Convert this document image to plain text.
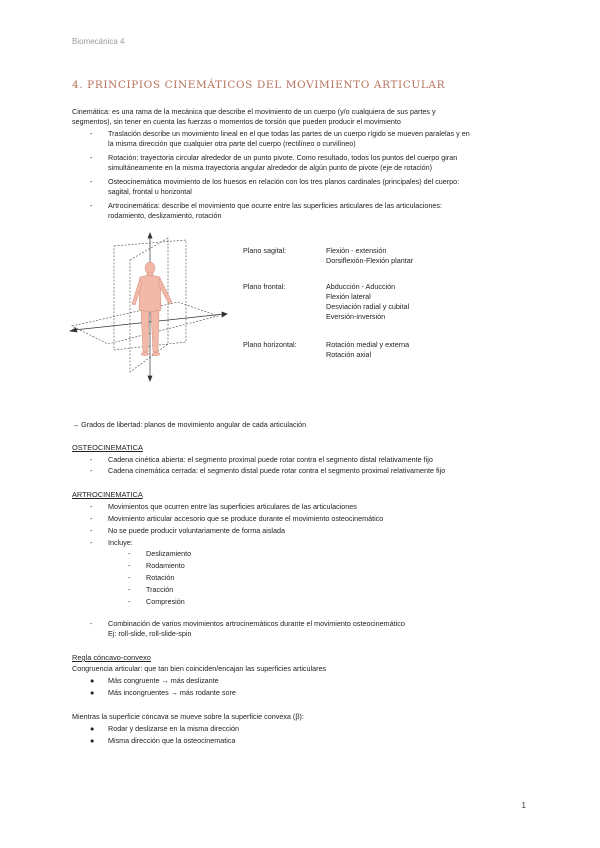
Biomecánica 4
4. PRINCIPIOS CINEMÁTICOS DEL MOVIMIENTO ARTICULAR
Cinemática: es una rama de la mecánica que describe el movimiento de un cuerpo (y/o cualquiera de sus partes y
segmentos), sin tener en cuenta las fuerzas o momentos de torsión que pueden producir el movimiento
- Traslación describe un movimiento lineal en el que todas las partes de un cuerpo rígido se mueven paralelas y en
la misma dirección que cualquier otra parte del cuerpo (rectilíneo o curvilíneo)
- Rotación: trayectoria circular alrededor de un punto pivote. Como resultado, todos los puntos del cuerpo giran
simultáneamente en la misma trayectoria angular alrededor de algún punto de pivote (eje de rotación)
- Osteocinemática movimiento de los huesos en relación con los tres planos cardinales (principales) del cuerpo:
sagital, frontal u horizontal
- Artrocinemática: describe el movimiento que ocurre entre las superficies articulares de las articulaciones:
rodamiento, deslizamiento, rotación
Plano sagital:	Flexión - extensión
Dorsiflexión-Flexión plantar
Plano frontal:	Abducción - Aducción
Flexión lateral
Desviación radial y cubital
Eversión-inversión
Plano horizontal:	Rotación medial y externa
Rotación axial
→ Grados de libertad: planos de movimiento angular de cada articulación
OSTEOCINEMATICA
- Cadena cinética abierta: el segmento proximal puede rotar contra el segmento distal relativamente fijo
- Cadena cinemática cerrada: el segmento distal puede rotar contra el segmento proximal relativamente fijo
ARTROCINEMATICA
- Movimientos que ocurren entre las superficies articulares de las articulaciones
- Movimiento articular accesorio que se produce durante el movimiento osteocinemático
- No se puede producir voluntariamente de forma aislada
- Incluye:
- Deslizamiento
- Rodamiento
- Rotación
- Tracción
- Compresión
- Combinación de varios movimientos artrocinemáticos durante el movimiento osteocinemático
Ej: roll-slide, roll-slide-spin
Regla cóncavo-convexo
Congruencia articular: que tan bien coinciden/encajan las superficies articulares
● Más congruente → más deslizante
● Más incongruentes → más rodante sore
Mientras la superficie cóncava se mueve sobre la superficie convexa (β):
● Rodar y deslizarse en la misma dirección
● Misma dirección que la osteocinematica
1
